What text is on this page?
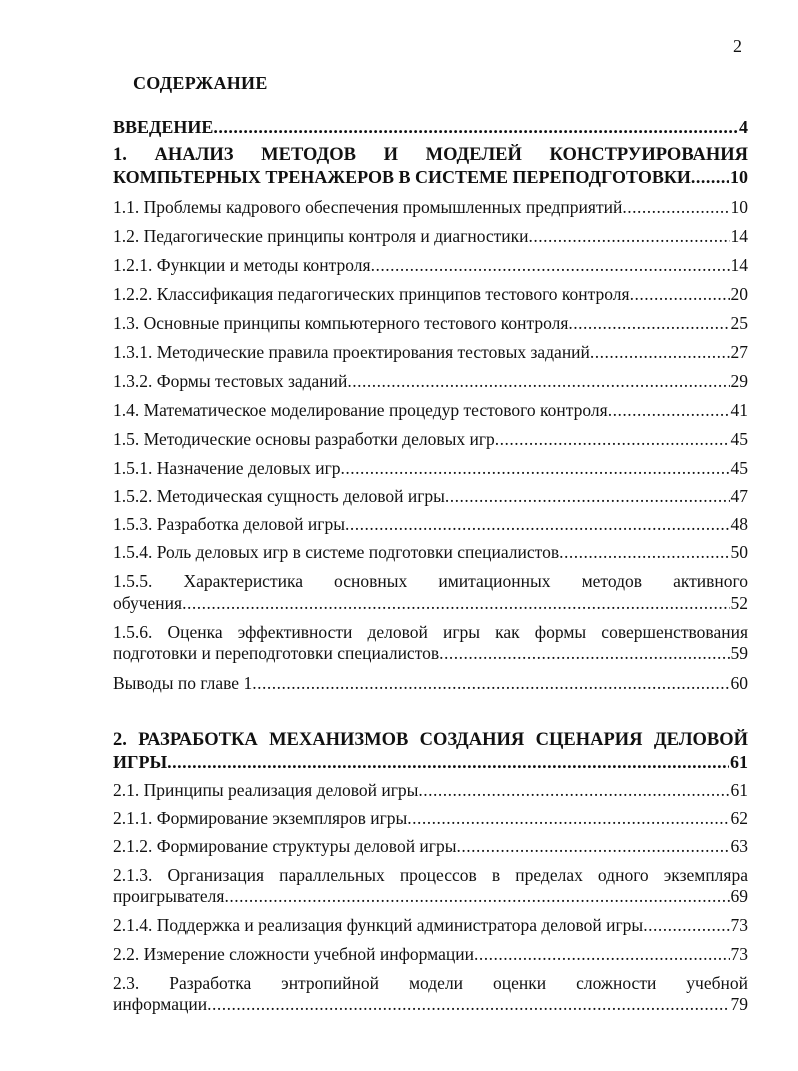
2
СОДЕРЖАНИЕ
ВВЕДЕНИЕ .....	4
1. АНАЛИЗ МЕТОДОВ И МОДЕЛЕЙ КОНСТРУИРОВАНИЯ
КОМПЬТЕРНЫХ ТРЕНАЖЕРОВ В СИСТЕМЕ ПЕРЕПОДГОТОВКИ ..... 10
1.1. Проблемы кадрового обеспечения промышленных предприятий .....	10
1.2. Педагогические принципы контроля и диагностики .....	14
1.2.1. Функции и методы контроля .....	14
1.2.2. Классификация педагогических принципов тестового контроля .....	20
1.3. Основные принципы компьютерного тестового контроля .....	25
1.3.1. Методические правила проектирования тестовых заданий .....	27
1.3.2. Формы тестовых заданий .....	29
1.4. Математическое моделирование процедур тестового контроля .....	41
1.5. Методические основы разработки деловых игр .....	45
1.5.1. Назначение деловых игр .....	45
1.5.2. Методическая сущность деловой игры .....	47
1.5.3. Разработка деловой игры .....	48
1.5.4. Роль деловых игр в системе подготовки специалистов .....	50
1.5.5. Характеристика основных имитационных методов активного
обучения .....	52
1.5.6. Оценка эффективности деловой игры как формы совершенствования
подготовки и переподготовки специалистов .....	59
Выводы по главе 1 .....	60
2. РАЗРАБОТКА МЕХАНИЗМОВ СОЗДАНИЯ СЦЕНАРИЯ ДЕЛОВОЙ
ИГРЫ .....	61
2.1. Принципы реализация деловой игры .....	61
2.1.1. Формирование экземпляров игры .....	62
2.1.2. Формирование структуры деловой игры .....	63
2.1.3. Организация параллельных процессов в пределах одного экземпляра
проигрывателя .....	69
2.1.4. Поддержка и реализация функций администратора деловой игры .....	73
2.2. Измерение сложности учебной информации .....	73
2.3. Разработка энтропийной модели оценки сложности учебной
информации .....	79
